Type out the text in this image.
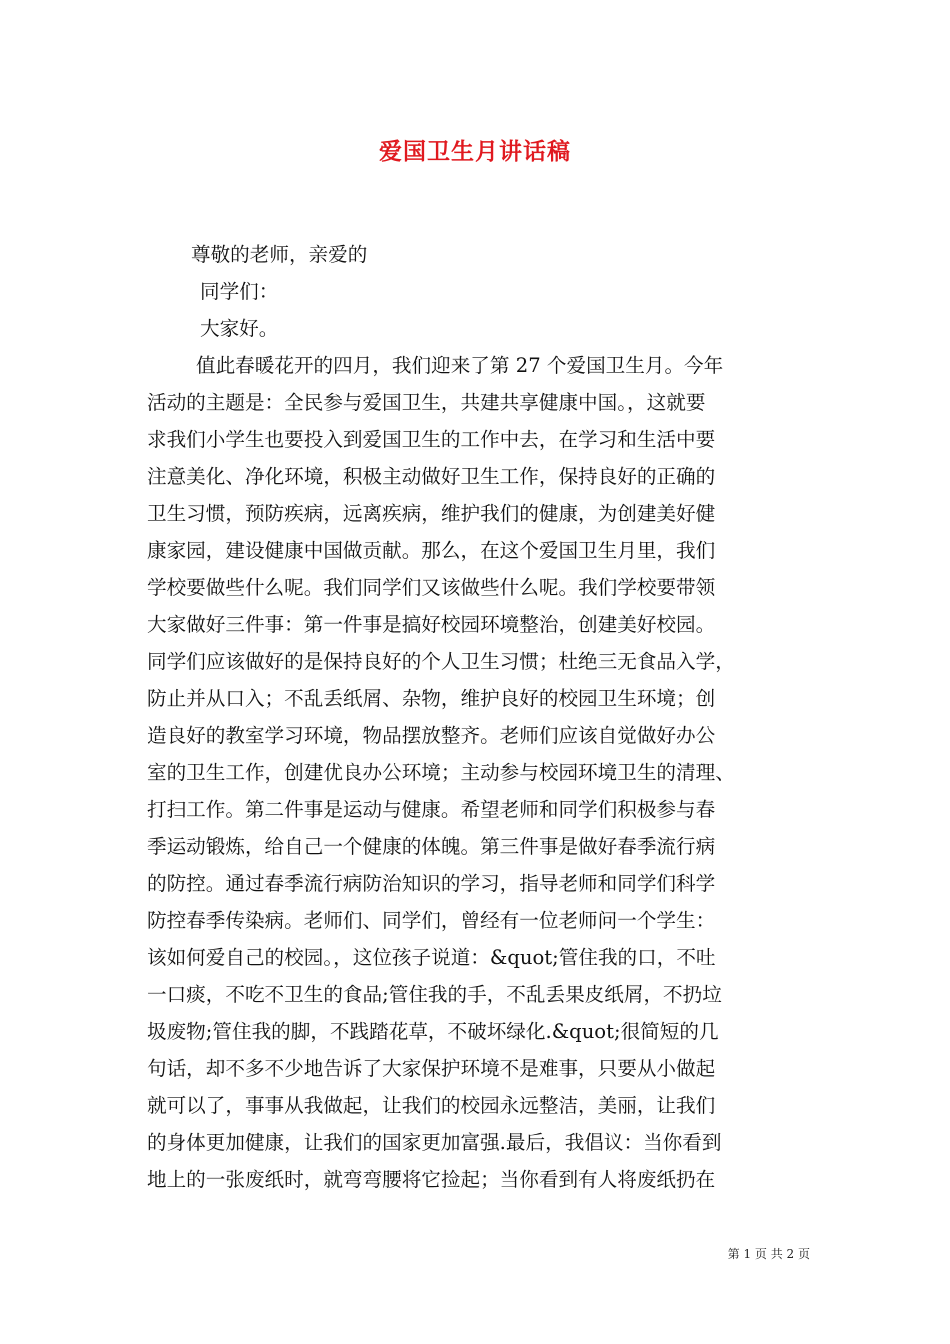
爱国卫生月讲话稿
尊敬的老师，亲爱的
同学们：
大家好。
值此春暖花开的四月，我们迎来了第 27 个爱国卫生月。今年
活动的主题是：全民参与爱国卫生，共建共享健康中国。，这就要
求我们小学生也要投入到爱国卫生的工作中去，在学习和生活中要
注意美化、净化环境，积极主动做好卫生工作，保持良好的正确的
卫生习惯，预防疾病，远离疾病，维护我们的健康，为创建美好健
康家园，建设健康中国做贡献。那么，在这个爱国卫生月里，我们
学校要做些什么呢。我们同学们又该做些什么呢。我们学校要带领
大家做好三件事：第一件事是搞好校园环境整治，创建美好校园。
同学们应该做好的是保持良好的个人卫生习惯；杜绝三无食品入学，
防止并从口入；不乱丢纸屑、杂物，维护良好的校园卫生环境；创
造良好的教室学习环境，物品摆放整齐。老师们应该自觉做好办公
室的卫生工作，创建优良办公环境；主动参与校园环境卫生的清理、
打扫工作。第二件事是运动与健康。希望老师和同学们积极参与春
季运动锻炼，给自己一个健康的体魄。第三件事是做好春季流行病
的防控。通过春季流行病防治知识的学习，指导老师和同学们科学
防控春季传染病。老师们、同学们，曾经有一位老师问一个学生：
该如何爱自己的校园。，这位孩子说道：&quot;管住我的口，不吐
一口痰，不吃不卫生的食品;管住我的手，不乱丢果皮纸屑，不扔垃
圾废物;管住我的脚，不践踏花草，不破坏绿化.&quot;很简短的几
句话，却不多不少地告诉了大家保护环境不是难事，只要从小做起
就可以了，事事从我做起，让我们的校园永远整洁，美丽，让我们
的身体更加健康，让我们的国家更加富强.最后，我倡议：当你看到
地上的一张废纸时，就弯弯腰将它捡起；当你看到有人将废纸扔在
第 1 页 共 2 页
